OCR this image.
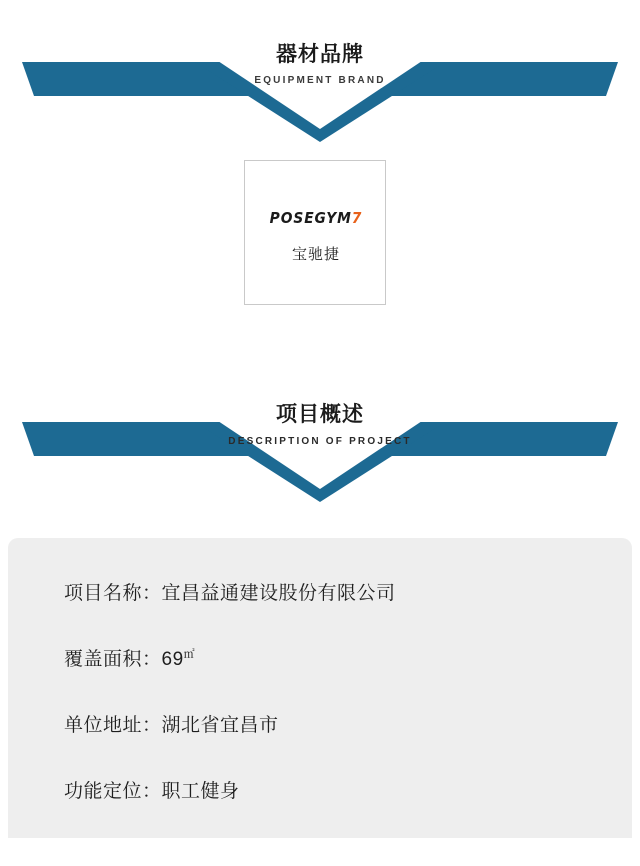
器材品牌
EQUIPMENT BRAND
POSEGYM7
宝驰捷
项目概述
DESCRIPTION OF PROJECT
项目名称：宜昌益通建设股份有限公司
覆盖面积：69㎡
单位地址：湖北省宜昌市
功能定位：职工健身
